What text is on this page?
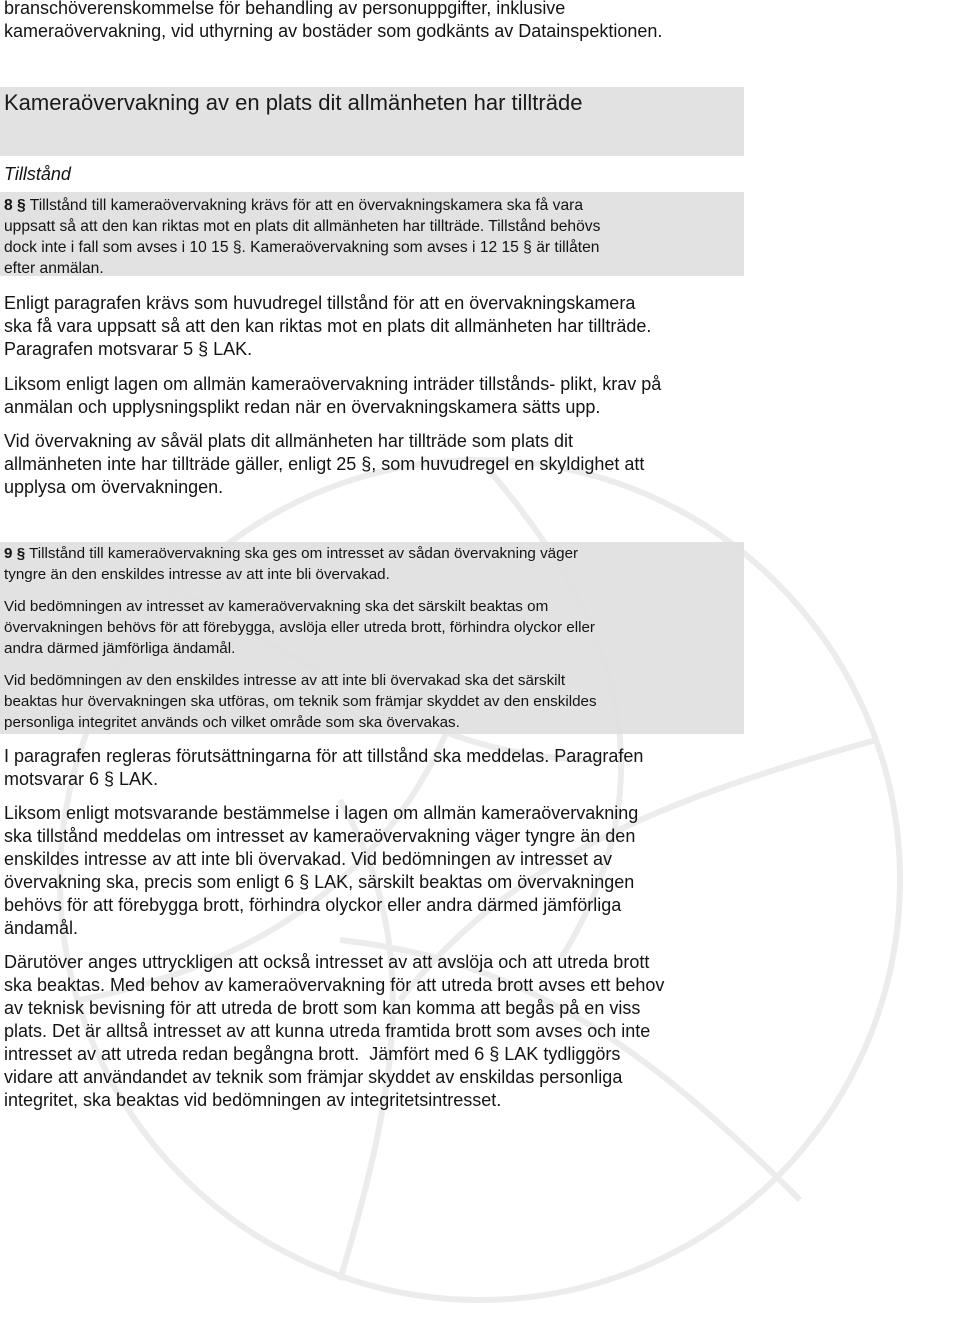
branschöverenskommelse för behandling av personuppgifter, inklusive

kameraövervakning, vid uthyrning av bostäder som godkänts av Datainspektionen.

Kameraövervakning av en plats dit allmänheten har tillträde
Tillstånd

8 § Tillstånd till kameraövervakning krävs för att en övervakningskamera ska få vara

uppsatt så att den kan riktas mot en plats dit allmänheten har tillträde. Tillstånd behövs

dock inte i fall som avses i 10 15 §. Kameraövervakning som avses i 12 15 § är tillåten

efter anmälan.

Enligt paragrafen krävs som huvudregel tillstånd för att en övervakningskamera

ska få vara uppsatt så att den kan riktas mot en plats dit allmänheten har tillträde.

Paragrafen motsvarar 5 § LAK.

Liksom enligt lagen om allmän kameraövervakning inträder tillstånds- plikt, krav på

anmälan och upplysningsplikt redan när en övervakningskamera sätts upp.

Vid övervakning av såväl plats dit allmänheten har tillträde som plats dit

allmänheten inte har tillträde gäller, enligt 25 §, som huvudregel en skyldighet att

upplysa om övervakningen.

9 § Tillstånd till kameraövervakning ska ges om intresset av sådan övervakning väger

tyngre än den enskildes intresse av att inte bli övervakad.

Vid bedömningen av intresset av kameraövervakning ska det särskilt beaktas om

övervakningen behövs för att förebygga, avslöja eller utreda brott, förhindra olyckor eller

andra därmed jämförliga ändamål.

Vid bedömningen av den enskildes intresse av att inte bli övervakad ska det särskilt

beaktas hur övervakningen ska utföras, om teknik som främjar skyddet av den enskildes

personliga integritet används och vilket område som ska övervakas.

I paragrafen regleras förutsättningarna för att tillstånd ska meddelas. Paragrafen

motsvarar 6 § LAK.

Liksom enligt motsvarande bestämmelse i lagen om allmän kameraövervakning

ska tillstånd meddelas om intresset av kameraövervakning väger tyngre än den

enskildes intresse av att inte bli övervakad. Vid bedömningen av intresset av

övervakning ska, precis som enligt 6 § LAK, särskilt beaktas om övervakningen

behövs för att förebygga brott, förhindra olyckor eller andra därmed jämförliga

ändamål.

Därutöver anges uttryckligen att också intresset av att avslöja och att utreda brott

ska beaktas. Med behov av kameraövervakning för att utreda brott avses ett behov

av teknisk bevisning för att utreda de brott som kan komma att begås på en viss

plats. Det är alltså intresset av att kunna utreda framtida brott som avses och inte

intresset av att utreda redan begångna brott.  Jämfört med 6 § LAK tydliggörs

vidare att användandet av teknik som främjar skyddet av enskildas personliga

integritet, ska beaktas vid bedömningen av integritetsintresset.
